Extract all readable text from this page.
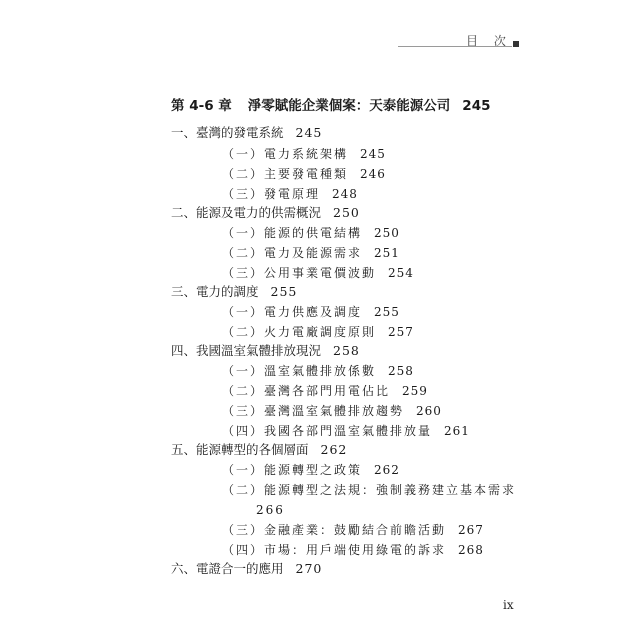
目 次
第 4-6 章 淨零賦能企業個案：天泰能源公司 245
一、臺灣的發電系統 245
（一）電力系統架構 245
（二）主要發電種類 246
（三）發電原理 248
二、能源及電力的供需概況 250
（一）能源的供電結構 250
（二）電力及能源需求 251
（三）公用事業電價波動 254
三、電力的調度 255
（一）電力供應及調度 255
（二）火力電廠調度原則 257
四、我國溫室氣體排放現況 258
（一）溫室氣體排放係數 258
（二）臺灣各部門用電佔比 259
（三）臺灣溫室氣體排放趨勢 260
（四）我國各部門溫室氣體排放量 261
五、能源轉型的各個層面 262
（一）能源轉型之政策 262
（二）能源轉型之法規：強制義務建立基本需求
266
（三）金融產業：鼓勵結合前瞻活動 267
（四）市場：用戶端使用綠電的訴求 268
六、電證合一的應用 270
ix
